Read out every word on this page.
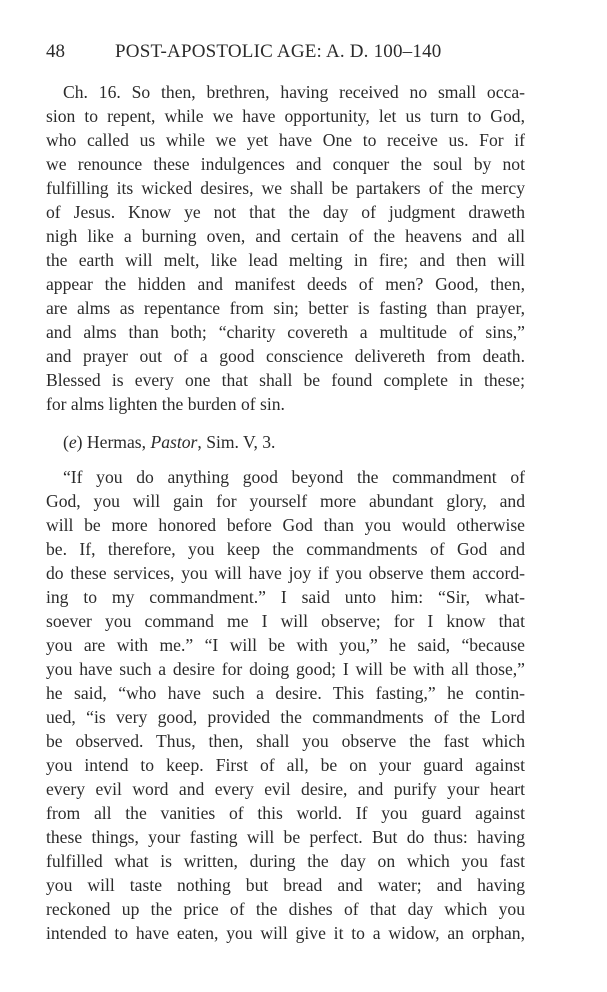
48	POST-APOSTOLIC AGE: A. D. 100–140
Ch. 16. So then, brethren, having received no small occa-
sion to repent, while we have opportunity, let us turn to God,
who called us while we yet have One to receive us. For if
we renounce these indulgences and conquer the soul by not
fulfilling its wicked desires, we shall be partakers of the mercy
of Jesus. Know ye not that the day of judgment draweth
nigh like a burning oven, and certain of the heavens and all
the earth will melt, like lead melting in fire; and then will
appear the hidden and manifest deeds of men? Good, then,
are alms as repentance from sin; better is fasting than prayer,
and alms than both; “charity covereth a multitude of sins,”
and prayer out of a good conscience delivereth from death.
Blessed is every one that shall be found complete in these;
for alms lighten the burden of sin.
(e) Hermas, Pastor, Sim. V, 3.
“If you do anything good beyond the commandment of
God, you will gain for yourself more abundant glory, and
will be more honored before God than you would otherwise
be. If, therefore, you keep the commandments of God and
do these services, you will have joy if you observe them accord-
ing to my commandment.” I said unto him: “Sir, what-
soever you command me I will observe; for I know that
you are with me.” “I will be with you,” he said, “because
you have such a desire for doing good; I will be with all those,”
he said, “who have such a desire. This fasting,” he contin-
ued, “is very good, provided the commandments of the Lord
be observed. Thus, then, shall you observe the fast which
you intend to keep. First of all, be on your guard against
every evil word and every evil desire, and purify your heart
from all the vanities of this world. If you guard against
these things, your fasting will be perfect. But do thus: having
fulfilled what is written, during the day on which you fast
you will taste nothing but bread and water; and having
reckoned up the price of the dishes of that day which you
intended to have eaten, you will give it to a widow, an orphan,
